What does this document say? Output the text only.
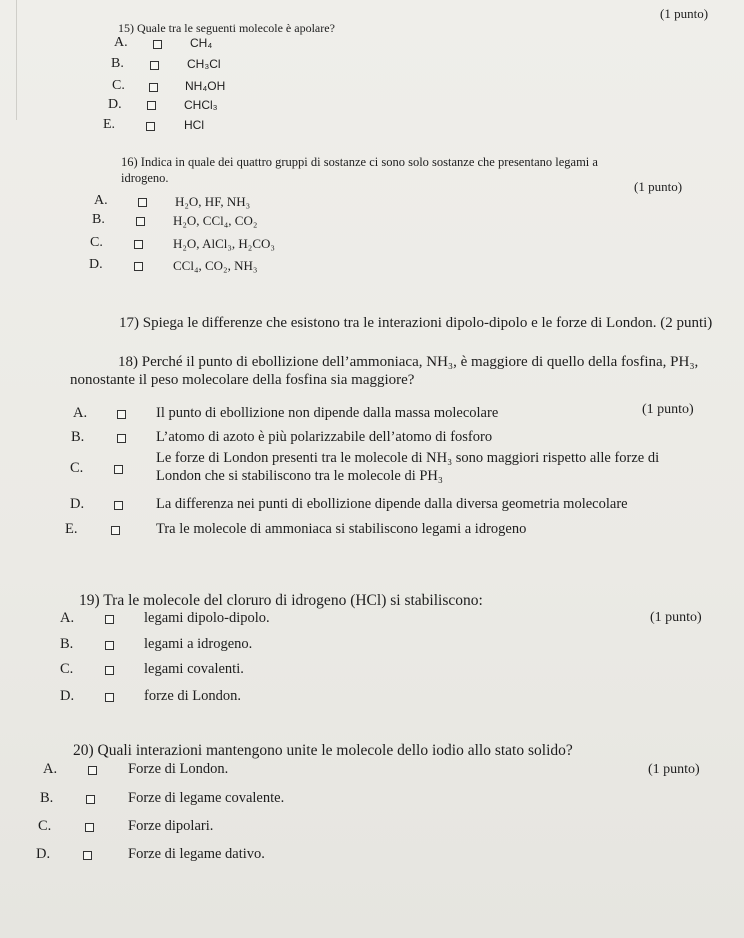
(1 punto)
15) Quale tra le seguenti molecole è apolare?
A.	CH₄
B.	CH₃Cl
C.	NH₄OH
D.	CHCl₃
E.	HCl
16) Indica in quale dei quattro gruppi di sostanze ci sono solo sostanze che presentano legami a
idrogeno.
(1 punto)
A.	H₂O, HF, NH₃
B.	H₂O, CCl₄, CO₂
C.	H₂O, AlCl₃, H₂CO₃
D.	CCl₄, CO₂, NH₃
17) Spiega le differenze che esistono tra le interazioni dipolo-dipolo e le forze di London. (2 punti)
18) Perché il punto di ebollizione dell’ammoniaca, NH₃, è maggiore di quello della fosfina, PH₃,
nonostante il peso molecolare della fosfina sia maggiore?
(1 punto)
A.	Il punto di ebollizione non dipende dalla massa molecolare
B.	L’atomo di azoto è più polarizzabile dell’atomo di fosforo
C.
Le forze di London presenti tra le molecole di NH₃ sono maggiori rispetto alle forze di
London che si stabiliscono tra le molecole di PH₃
D.	La differenza nei punti di ebollizione dipende dalla diversa geometria molecolare
E.	Tra le molecole di ammoniaca si stabiliscono legami a idrogeno
19) Tra le molecole del cloruro di idrogeno (HCl) si stabiliscono:
(1 punto)
A.	legami dipolo-dipolo.
B.	legami a idrogeno.
C.	legami covalenti.
D.	forze di London.
20) Quali interazioni mantengono unite le molecole dello iodio allo stato solido?
(1 punto)
A.	Forze di London.
B.	Forze di legame covalente.
C.	Forze dipolari.
D.	Forze di legame dativo.
